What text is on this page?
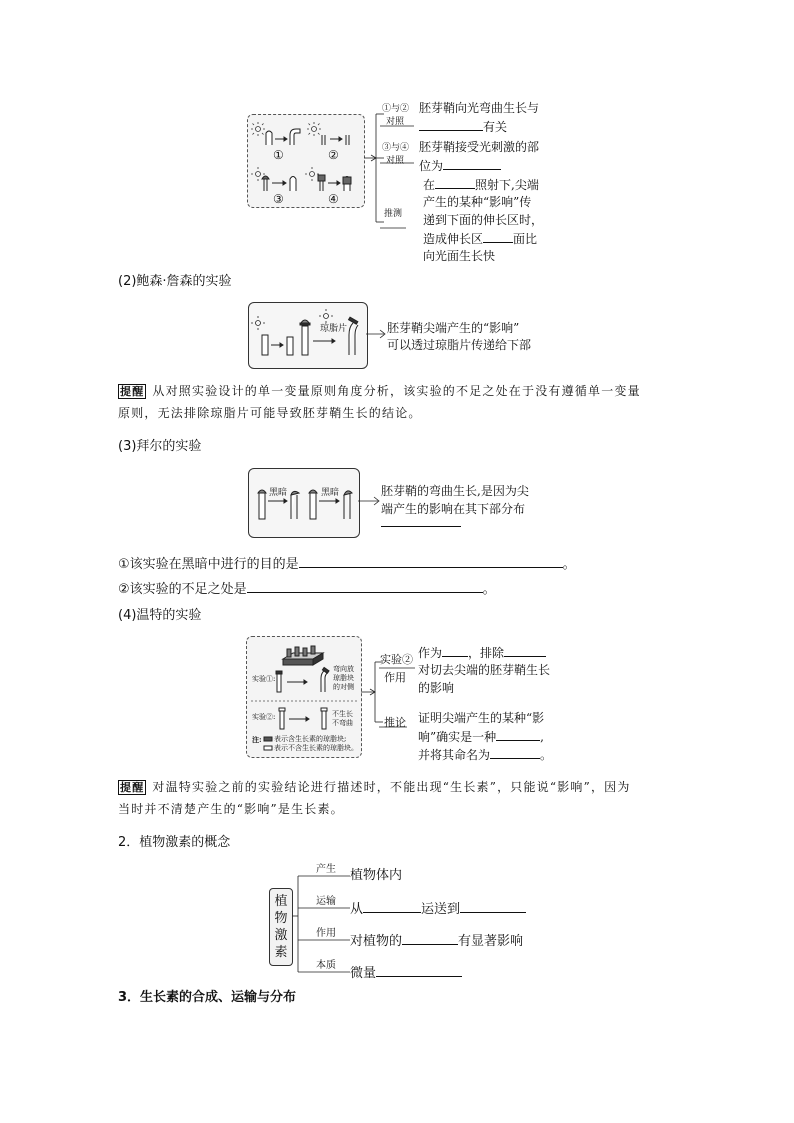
①	②
③	④
①与②
对照
胚芽鞘向光弯曲生长与
有关
③与④
对照
胚芽鞘接受光刺激的部
位为
在	照射下,尖端
产生的某种“影响”传
推测 递到下面的伸长区时，
造成伸长区	面比
向光面生长快
(2)鲍森·詹森的实验
琼脂片	胚芽鞘尖端产生的“影响”
可以透过琼脂片传递给下部
提醒 从对照实验设计的单一变量原则角度分析，该实验的不足之处在于没有遵循单一变量
原则，无法排除琼脂片可能导致胚芽鞘生长的结论。
(3)拜尔的实验
黑暗	黑暗	胚芽鞘的弯曲生长,是因为尖
端产生的影响在其下部分布
①该实验在黑暗中进行的目的是	。
②该实验的不足之处是	。
(4)温特的实验
实验①:
实验②:
弯向放
琼脂块
的对侧
不生长
不弯曲
注: 表示含生长素的琼脂块;
表示不含生长素的琼脂块。
实验②
作用
作为 ，排除
对切去尖端的胚芽鞘生长
的影响
推论 证明尖端产生的某种“影
响”确实是一种	,
并将其命名为	。
提醒 对温特实验之前的实验结论进行描述时，不能出现“生长素”，只能说“影响”，因为
当时并不清楚产生的“影响”是生长素。
2．植物激素的概念
植物激素
产生 植物体内
运输
从	运送到
作用
对植物的	有显著影响
本质
微量
3．生长素的合成、运输与分布
